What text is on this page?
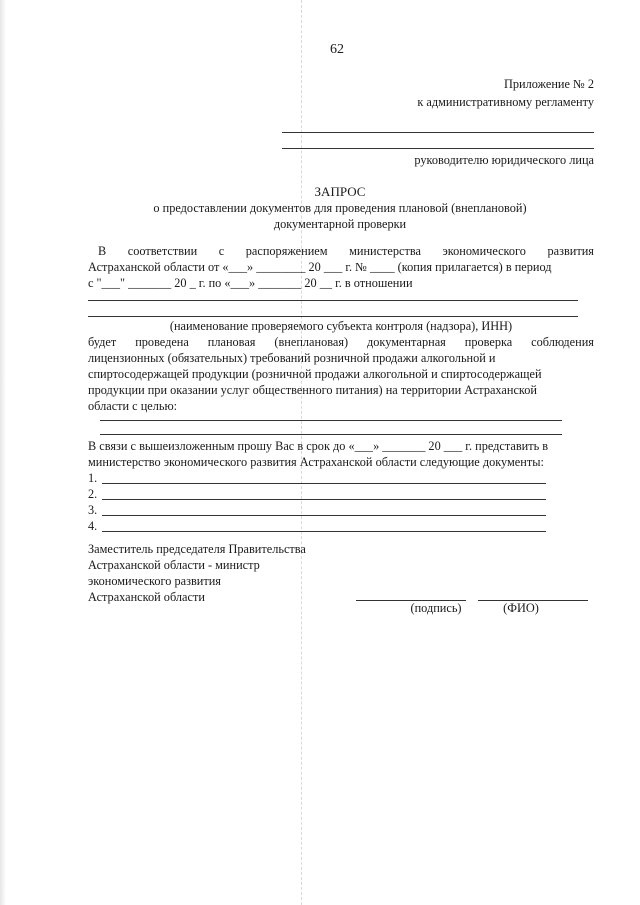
62
Приложение № 2
к административному регламенту
руководителю юридического лица
ЗАПРОС
о предоставлении документов для проведения плановой (внеплановой)
документарной проверки
В соответствии с распоряжением министерства экономического развития
Астраханской области от «___» ________ 20 ___ г. № ____ (копия прилагается) в период
с "___" _______ 20 _ г. по «___» _______ 20 __ г. в отношении
(наименование проверяемого субъекта контроля (надзора), ИНН)
будет проведена плановая (внеплановая) документарная проверка соблюдения
лицензионных (обязательных) требований розничной продажи алкогольной и
спиртосодержащей продукции (розничной продажи алкогольной и спиртосодержащей
продукции при оказании услуг общественного питания) на территории Астраханской
области с целью:
В связи с вышеизложенным прошу Вас в срок до «___» _______ 20 ___ г. представить в
министерство экономического развития Астраханской области следующие документы:
1.
2.
3.
4.
Заместитель председателя Правительства
Астраханской области - министр
экономического развития
Астраханской области
(подпись)	(ФИО)
